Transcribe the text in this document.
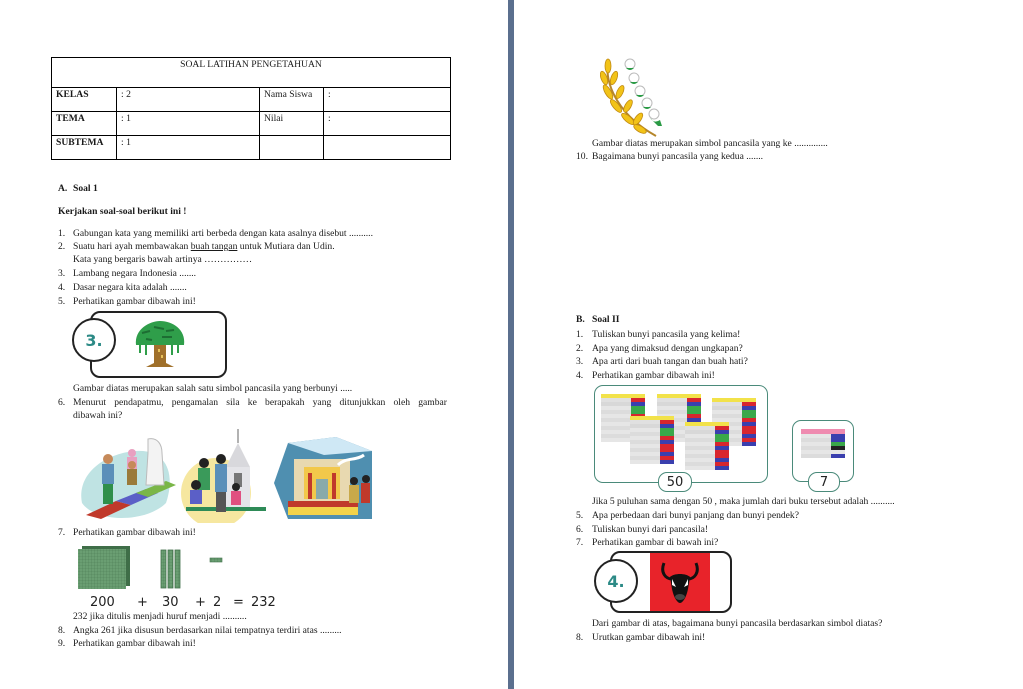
SOAL LATIHAN PENGETAHUAN			
KELAS	: 2	Nama Siswa	:
TEMA	: 1	Nilai	:
SUBTEMA	: 1		
A. Soal 1
Kerjakan soal-soal berikut ini !
1. Gabungan kata yang memiliki arti berbeda dengan kata asalnya disebut ..........
2. Suatu hari ayah membawakan buah tangan untuk Mutiara dan Udin.
Kata yang bergaris bawah artinya ……………
3. Lambang negara Indonesia .......
4. Dasar negara kita adalah .......
5. Perhatikan gambar dibawah ini!
3.
Gambar diatas merupakan salah satu simbol pancasila yang berbunyi .....
6. Menurut pendapatmu, pengamalan sila ke berapakah yang ditunjukkan oleh gambar
dibawah ini?
7. Perhatikan gambar dibawah ini!
200 + 30 + 2 = 232
232 jika ditulis menjadi huruf menjadi ..........
8. Angka 261 jika disusun berdasarkan nilai tempatnya terdiri atas .........
9. Perhatikan gambar dibawah ini!
Gambar diatas merupakan simbol pancasila yang ke ..............
10. Bagaimana bunyi pancasila yang kedua .......
B. Soal II
1. Tuliskan bunyi pancasila yang kelima!
2. Apa yang dimaksud dengan ungkapan?
3. Apa arti dari buah tangan dan buah hati?
4. Perhatikan gambar dibawah ini!
50	7
Jika 5 puluhan sama dengan 50 , maka jumlah dari buku tersebut adalah ..........
5. Apa perbedaan dari bunyi panjang dan bunyi pendek?
6. Tuliskan bunyi dari pancasila!
7. Perhatikan gambar di bawah ini?
4.
Dari gambar di atas, bagaimana bunyi pancasila berdasarkan simbol diatas?
8. Urutkan gambar dibawah ini!
